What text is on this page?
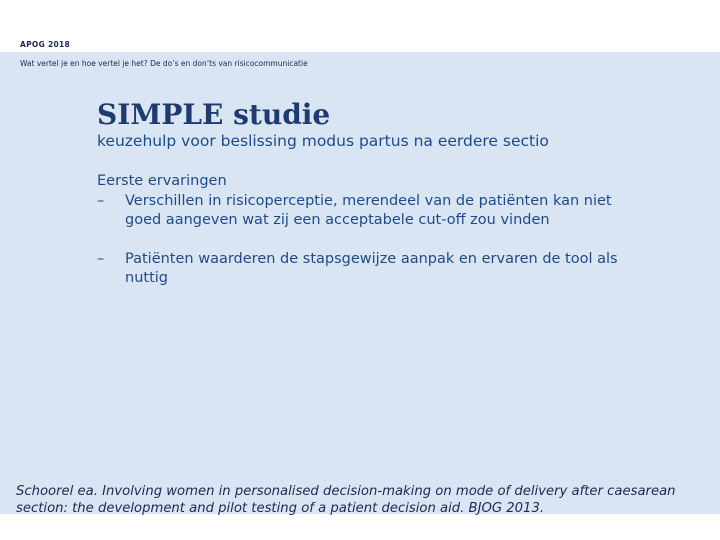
APOG 2018
Wat vertel je en hoe vertel je het? De do’s en don’ts van risicocommunicatie
SIMPLE studie
keuzehulp voor beslissing modus partus na eerdere sectio

Eerste ervaringen

– Verschillen in risicoperceptie, merendeel van de patiënten kan niet goed aangeven wat zij een acceptabele cut-off zou vinden
– Patiënten waarderen de stapsgewijze aanpak en ervaren de tool als nuttig
Schoorel ea. Involving women in personalised decision-making on mode of delivery after caesarean section: the development and pilot testing of a patient decision aid. BJOG 2013.
